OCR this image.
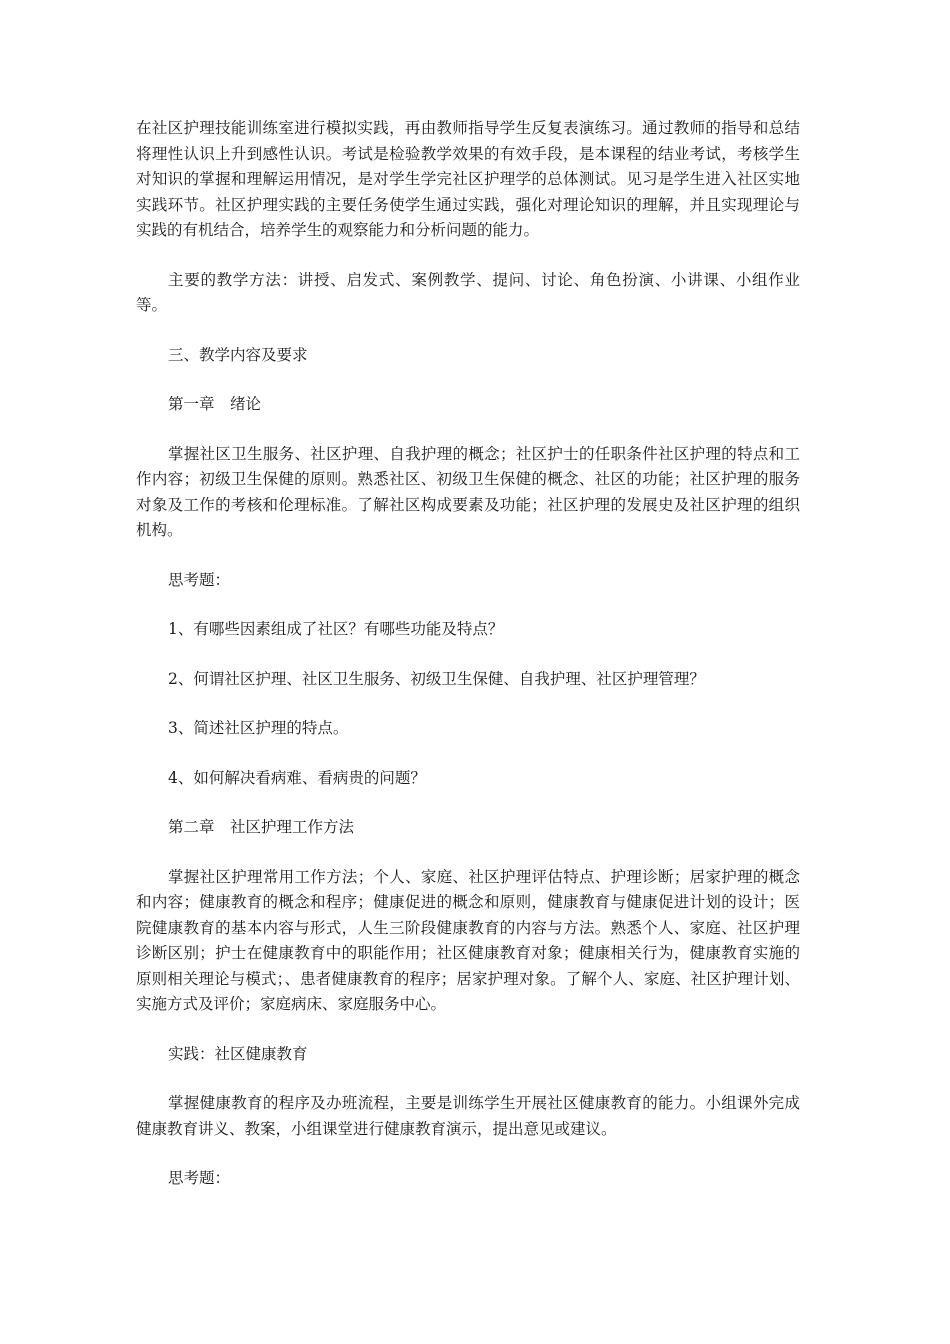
在社区护理技能训练室进行模拟实践，再由教师指导学生反复表演练习。通过教师的指导和总结将理性认识上升到感性认识。考试是检验教学效果的有效手段，是本课程的结业考试，考核学生对知识的掌握和理解运用情况，是对学生学完社区护理学的总体测试。见习是学生进入社区实地实践环节。社区护理实践的主要任务使学生通过实践，强化对理论知识的理解，并且实现理论与实践的有机结合，培养学生的观察能力和分析问题的能力。

主要的教学方法：讲授、启发式、案例教学、提问、讨论、角色扮演、小讲课、小组作业等。

三、教学内容及要求

第一章　绪论

掌握社区卫生服务、社区护理、自我护理的概念；社区护士的任职条件社区护理的特点和工作内容；初级卫生保健的原则。熟悉社区、初级卫生保健的概念、社区的功能；社区护理的服务对象及工作的考核和伦理标准。了解社区构成要素及功能；社区护理的发展史及社区护理的组织机构。

思考题：

1、有哪些因素组成了社区？有哪些功能及特点？

2、何谓社区护理、社区卫生服务、初级卫生保健、自我护理、社区护理管理？

3、简述社区护理的特点。

4、如何解决看病难、看病贵的问题？

第二章　社区护理工作方法

掌握社区护理常用工作方法；个人、家庭、社区护理评估特点、护理诊断；居家护理的概念和内容；健康教育的概念和程序；健康促进的概念和原则，健康教育与健康促进计划的设计；医院健康教育的基本内容与形式，人生三阶段健康教育的内容与方法。熟悉个人、家庭、社区护理诊断区别；护士在健康教育中的职能作用；社区健康教育对象；健康相关行为，健康教育实施的原则相关理论与模式；、患者健康教育的程序；居家护理对象。了解个人、家庭、社区护理计划、实施方式及评价；家庭病床、家庭服务中心。

实践：社区健康教育

掌握健康教育的程序及办班流程，主要是训练学生开展社区健康教育的能力。小组课外完成健康教育讲义、教案，小组课堂进行健康教育演示，提出意见或建议。

思考题：
